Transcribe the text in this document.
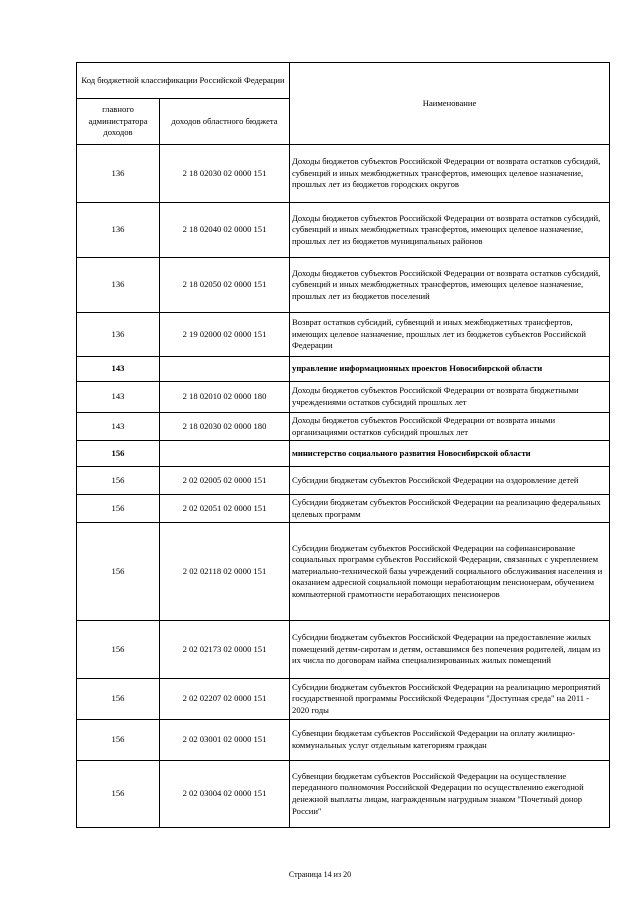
Код бюджетной классификации Российской Федерации		Наименование
главного администратора доходов	доходов областного бюджета	
136	2 18 02030 02 0000 151	Доходы бюджетов субъектов Российской Федерации от возврата остатков субсидий, субвенций и иных межбюджетных трансфертов, имеющих целевое назначение, прошлых лет из бюджетов городских округов
136	2 18 02040 02 0000 151	Доходы бюджетов субъектов Российской Федерации от возврата остатков субсидий, субвенций и иных межбюджетных трансфертов, имеющих целевое назначение, прошлых лет из бюджетов муниципальных районов
136	2 18 02050 02 0000 151	Доходы бюджетов субъектов Российской Федерации от возврата остатков субсидий, субвенций и иных межбюджетных трансфертов, имеющих целевое назначение, прошлых лет из бюджетов поселений
136	2 19 02000 02 0000 151	Возврат остатков субсидий, субвенций и иных межбюджетных трансфертов, имеющих целевое назначение, прошлых лет из бюджетов субъектов Российской Федерации
143		управление информационных проектов Новосибирской области
143	2 18 02010 02 0000 180	Доходы бюджетов субъектов Российской Федерации от возврата бюджетными учреждениями остатков субсидий прошлых лет
143	2 18 02030 02 0000 180	Доходы бюджетов субъектов Российской Федерации от возврата иными организациями остатков субсидий прошлых лет
156		министерство социального развития Новосибирской области
156	2 02 02005 02 0000 151	Субсидии бюджетам субъектов Российской Федерации на оздоровление детей
156	2 02 02051 02 0000 151	Субсидии бюджетам субъектов Российской Федерации на реализацию федеральных целевых программ
156	2 02 02118 02 0000 151	Субсидии бюджетам субъектов Российской Федерации на софинансирование социальных программ субъектов Российской Федерации, связанных с укреплением материально-технической базы учреждений социального обслуживания населения и оказанием адресной социальной помощи неработающим пенсионерам, обучением компьютерной грамотности неработающих пенсионеров
156	2 02 02173 02 0000 151	Субсидии бюджетам субъектов Российской Федерации на предоставление жилых помещений детям-сиротам и детям, оставшимся без попечения родителей, лицам из их числа по договорам найма специализированных жилых помещений
156	2 02 02207 02 0000 151	Субсидии бюджетам субъектов Российской Федерации на реализацию мероприятий государственной программы Российской Федерации "Доступная среда" на 2011 - 2020 годы
156	2 02 03001 02 0000 151	Субвенции бюджетам субъектов Российской Федерации на оплату жилищно-коммунальных услуг отдельным категориям граждан
156	2 02 03004 02 0000 151	Субвенции бюджетам субъектов Российской Федерации на осуществление переданного полномочия Российской Федерации по осуществлению ежегодной денежной выплаты лицам, награжденным нагрудным знаком "Почетный донор России"
Страница 14 из 20
